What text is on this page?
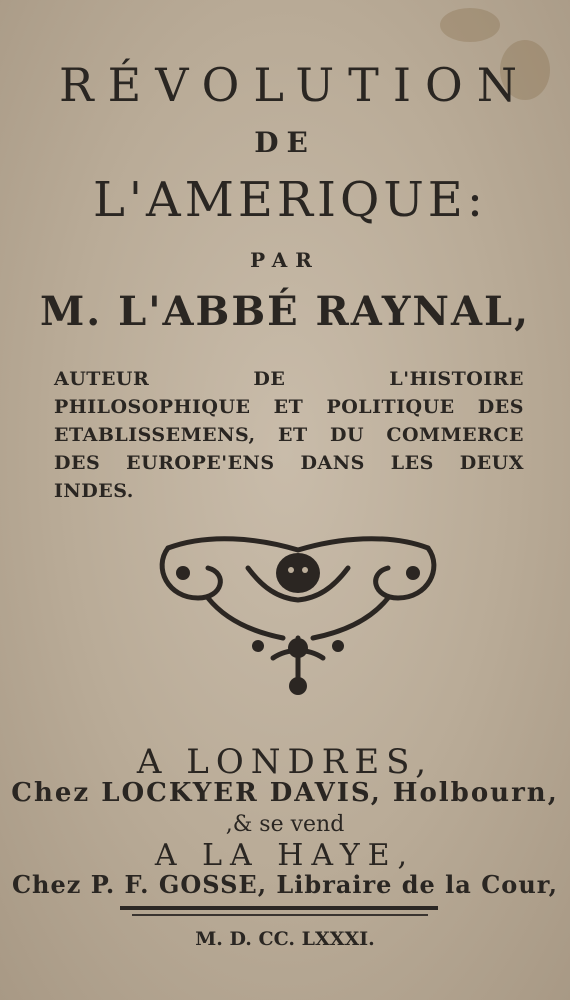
RÉVOLUTION
DE
L'AMERIQUE:
PAR
M. L'ABBÉ RAYNAL,
AUTEUR DE L'HISTOIRE PHILOSOPHIQUE ET POLITIQUE DES ETABLISSEMENS, ET DU COMMERCE DES EUROPE'ENS DANS LES DEUX INDES.
A LONDRES,
Chez LOCKYER DAVIS, Holbourn,
,& se vend
A LA HAYE,
Chez P. F. GOSSE, Libraire de la Cour,
M. D. CC. LXXXI.
